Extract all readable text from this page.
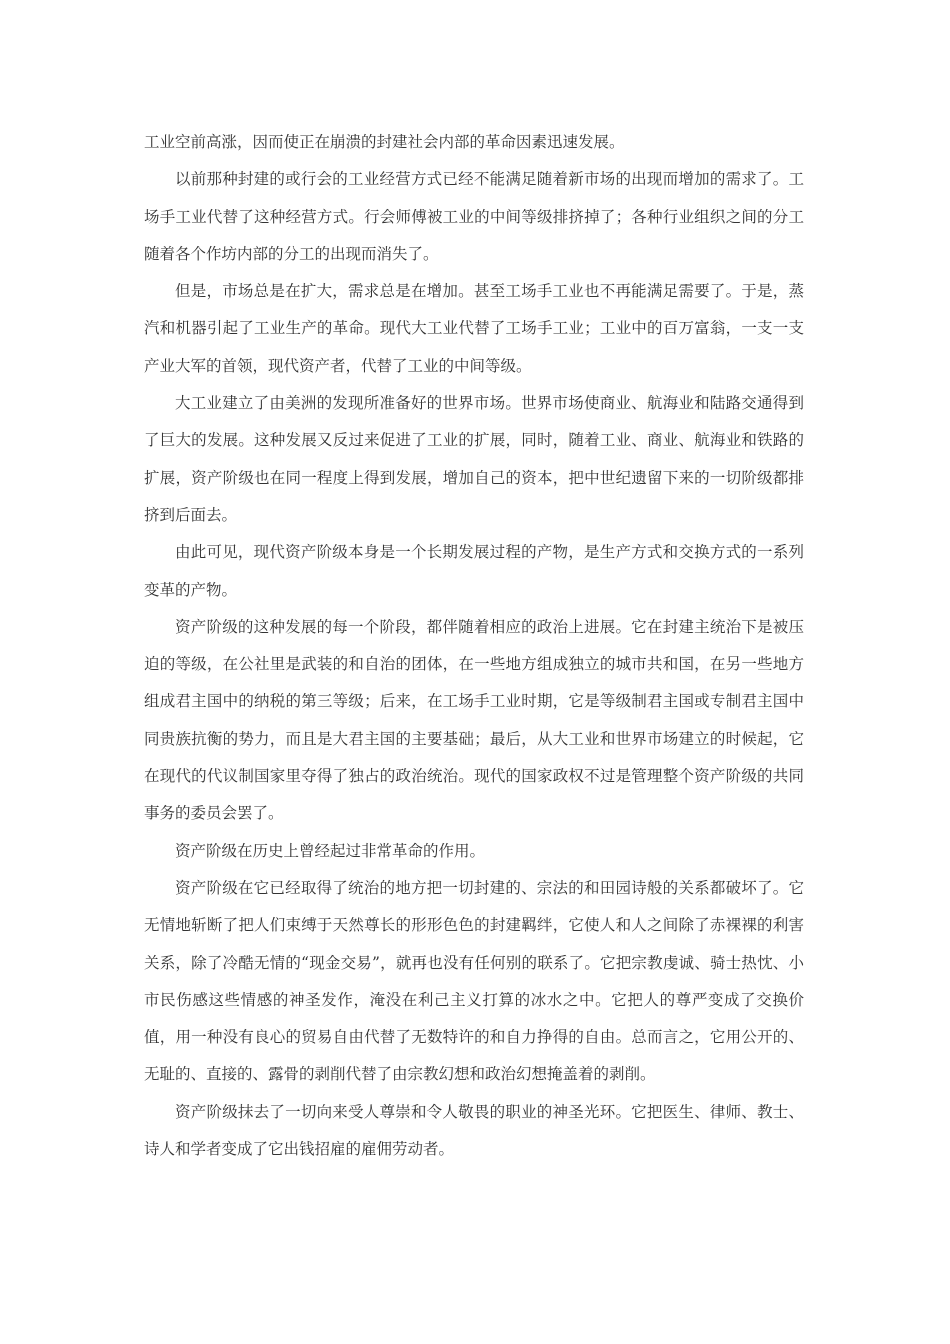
工业空前高涨，因而使正在崩溃的封建社会内部的革命因素迅速发展。

以前那种封建的或行会的工业经营方式已经不能满足随着新市场的出现而增加的需求了。工场手工业代替了这种经营方式。行会师傅被工业的中间等级排挤掉了；各种行业组织之间的分工随着各个作坊内部的分工的出现而消失了。

但是，市场总是在扩大，需求总是在增加。甚至工场手工业也不再能满足需要了。于是，蒸汽和机器引起了工业生产的革命。现代大工业代替了工场手工业；工业中的百万富翁，一支一支产业大军的首领，现代资产者，代替了工业的中间等级。

大工业建立了由美洲的发现所准备好的世界市场。世界市场使商业、航海业和陆路交通得到了巨大的发展。这种发展又反过来促进了工业的扩展，同时，随着工业、商业、航海业和铁路的扩展，资产阶级也在同一程度上得到发展，增加自己的资本，把中世纪遗留下来的一切阶级都排挤到后面去。

由此可见，现代资产阶级本身是一个长期发展过程的产物，是生产方式和交换方式的一系列变革的产物。

资产阶级的这种发展的每一个阶段，都伴随着相应的政治上进展。它在封建主统治下是被压迫的等级，在公社里是武装的和自治的团体，在一些地方组成独立的城市共和国，在另一些地方组成君主国中的纳税的第三等级；后来，在工场手工业时期，它是等级制君主国或专制君主国中同贵族抗衡的势力，而且是大君主国的主要基础；最后，从大工业和世界市场建立的时候起，它在现代的代议制国家里夺得了独占的政治统治。现代的国家政权不过是管理整个资产阶级的共同事务的委员会罢了。

资产阶级在历史上曾经起过非常革命的作用。

资产阶级在它已经取得了统治的地方把一切封建的、宗法的和田园诗般的关系都破坏了。它无情地斩断了把人们束缚于天然尊长的形形色色的封建羁绊，它使人和人之间除了赤裸裸的利害关系，除了冷酷无情的“现金交易”，就再也没有任何别的联系了。它把宗教虔诚、骑士热忱、小市民伤感这些情感的神圣发作，淹没在利己主义打算的冰水之中。它把人的尊严变成了交换价值，用一种没有良心的贸易自由代替了无数特许的和自力挣得的自由。总而言之，它用公开的、无耻的、直接的、露骨的剥削代替了由宗教幻想和政治幻想掩盖着的剥削。

资产阶级抹去了一切向来受人尊崇和令人敬畏的职业的神圣光环。它把医生、律师、教士、诗人和学者变成了它出钱招雇的雇佣劳动者。
